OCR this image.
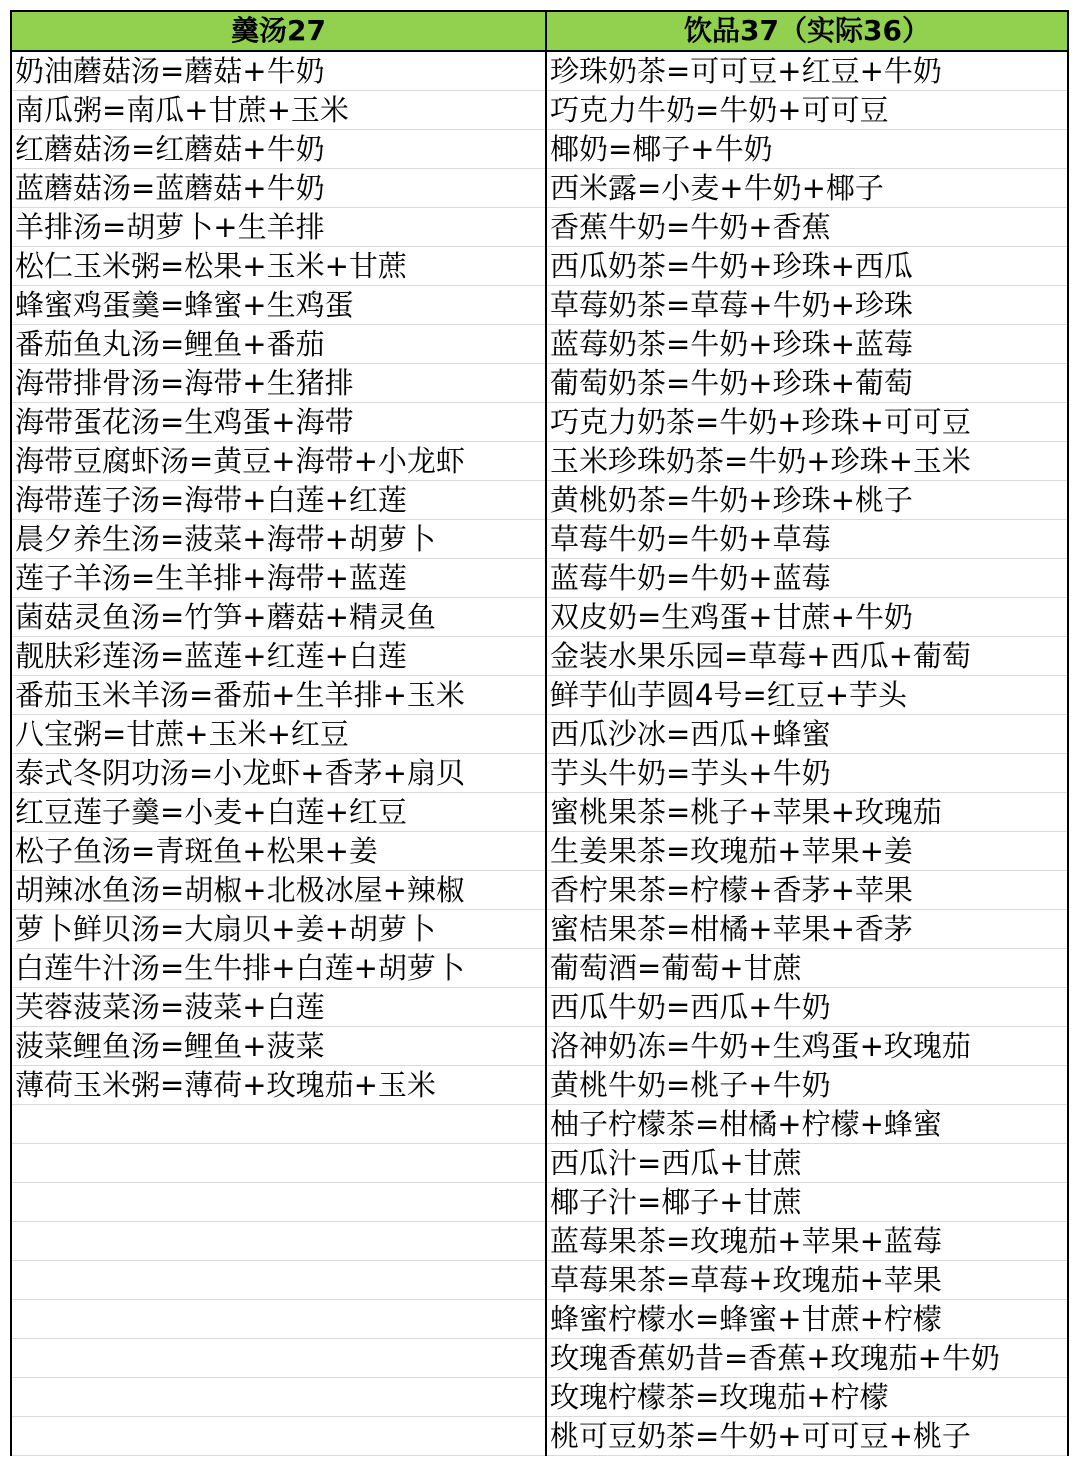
羹汤27	饮品37（实际36）
奶油蘑菇汤=蘑菇+牛奶	珍珠奶茶=可可豆+红豆+牛奶
南瓜粥=南瓜+甘蔗+玉米	巧克力牛奶=牛奶+可可豆
红蘑菇汤=红蘑菇+牛奶	椰奶=椰子+牛奶
蓝蘑菇汤=蓝蘑菇+牛奶	西米露=小麦+牛奶+椰子
羊排汤=胡萝卜+生羊排	香蕉牛奶=牛奶+香蕉
松仁玉米粥=松果+玉米+甘蔗	西瓜奶茶=牛奶+珍珠+西瓜
蜂蜜鸡蛋羹=蜂蜜+生鸡蛋	草莓奶茶=草莓+牛奶+珍珠
番茄鱼丸汤=鲤鱼+番茄	蓝莓奶茶=牛奶+珍珠+蓝莓
海带排骨汤=海带+生猪排	葡萄奶茶=牛奶+珍珠+葡萄
海带蛋花汤=生鸡蛋+海带	巧克力奶茶=牛奶+珍珠+可可豆
海带豆腐虾汤=黄豆+海带+小龙虾	玉米珍珠奶茶=牛奶+珍珠+玉米
海带莲子汤=海带+白莲+红莲	黄桃奶茶=牛奶+珍珠+桃子
晨夕养生汤=菠菜+海带+胡萝卜	草莓牛奶=牛奶+草莓
莲子羊汤=生羊排+海带+蓝莲	蓝莓牛奶=牛奶+蓝莓
菌菇灵鱼汤=竹笋+蘑菇+精灵鱼	双皮奶=生鸡蛋+甘蔗+牛奶
靓肤彩莲汤=蓝莲+红莲+白莲	金装水果乐园=草莓+西瓜+葡萄
番茄玉米羊汤=番茄+生羊排+玉米	鲜芋仙芋圆4号=红豆+芋头
八宝粥=甘蔗+玉米+红豆	西瓜沙冰=西瓜+蜂蜜
泰式冬阴功汤=小龙虾+香茅+扇贝	芋头牛奶=芋头+牛奶
红豆莲子羹=小麦+白莲+红豆	蜜桃果茶=桃子+苹果+玫瑰茄
松子鱼汤=青斑鱼+松果+姜	生姜果茶=玫瑰茄+苹果+姜
胡辣冰鱼汤=胡椒+北极冰屋+辣椒	香柠果茶=柠檬+香茅+苹果
萝卜鲜贝汤=大扇贝+姜+胡萝卜	蜜桔果茶=柑橘+苹果+香茅
白莲牛汁汤=生牛排+白莲+胡萝卜	葡萄酒=葡萄+甘蔗
芙蓉菠菜汤=菠菜+白莲	西瓜牛奶=西瓜+牛奶
菠菜鲤鱼汤=鲤鱼+菠菜	洛神奶冻=牛奶+生鸡蛋+玫瑰茄
薄荷玉米粥=薄荷+玫瑰茄+玉米	黄桃牛奶=桃子+牛奶
	柚子柠檬茶=柑橘+柠檬+蜂蜜
	西瓜汁=西瓜+甘蔗
	椰子汁=椰子+甘蔗
	蓝莓果茶=玫瑰茄+苹果+蓝莓
	草莓果茶=草莓+玫瑰茄+苹果
	蜂蜜柠檬水=蜂蜜+甘蔗+柠檬
	玫瑰香蕉奶昔=香蕉+玫瑰茄+牛奶
	玫瑰柠檬茶=玫瑰茄+柠檬
	桃可豆奶茶=牛奶+可可豆+桃子
